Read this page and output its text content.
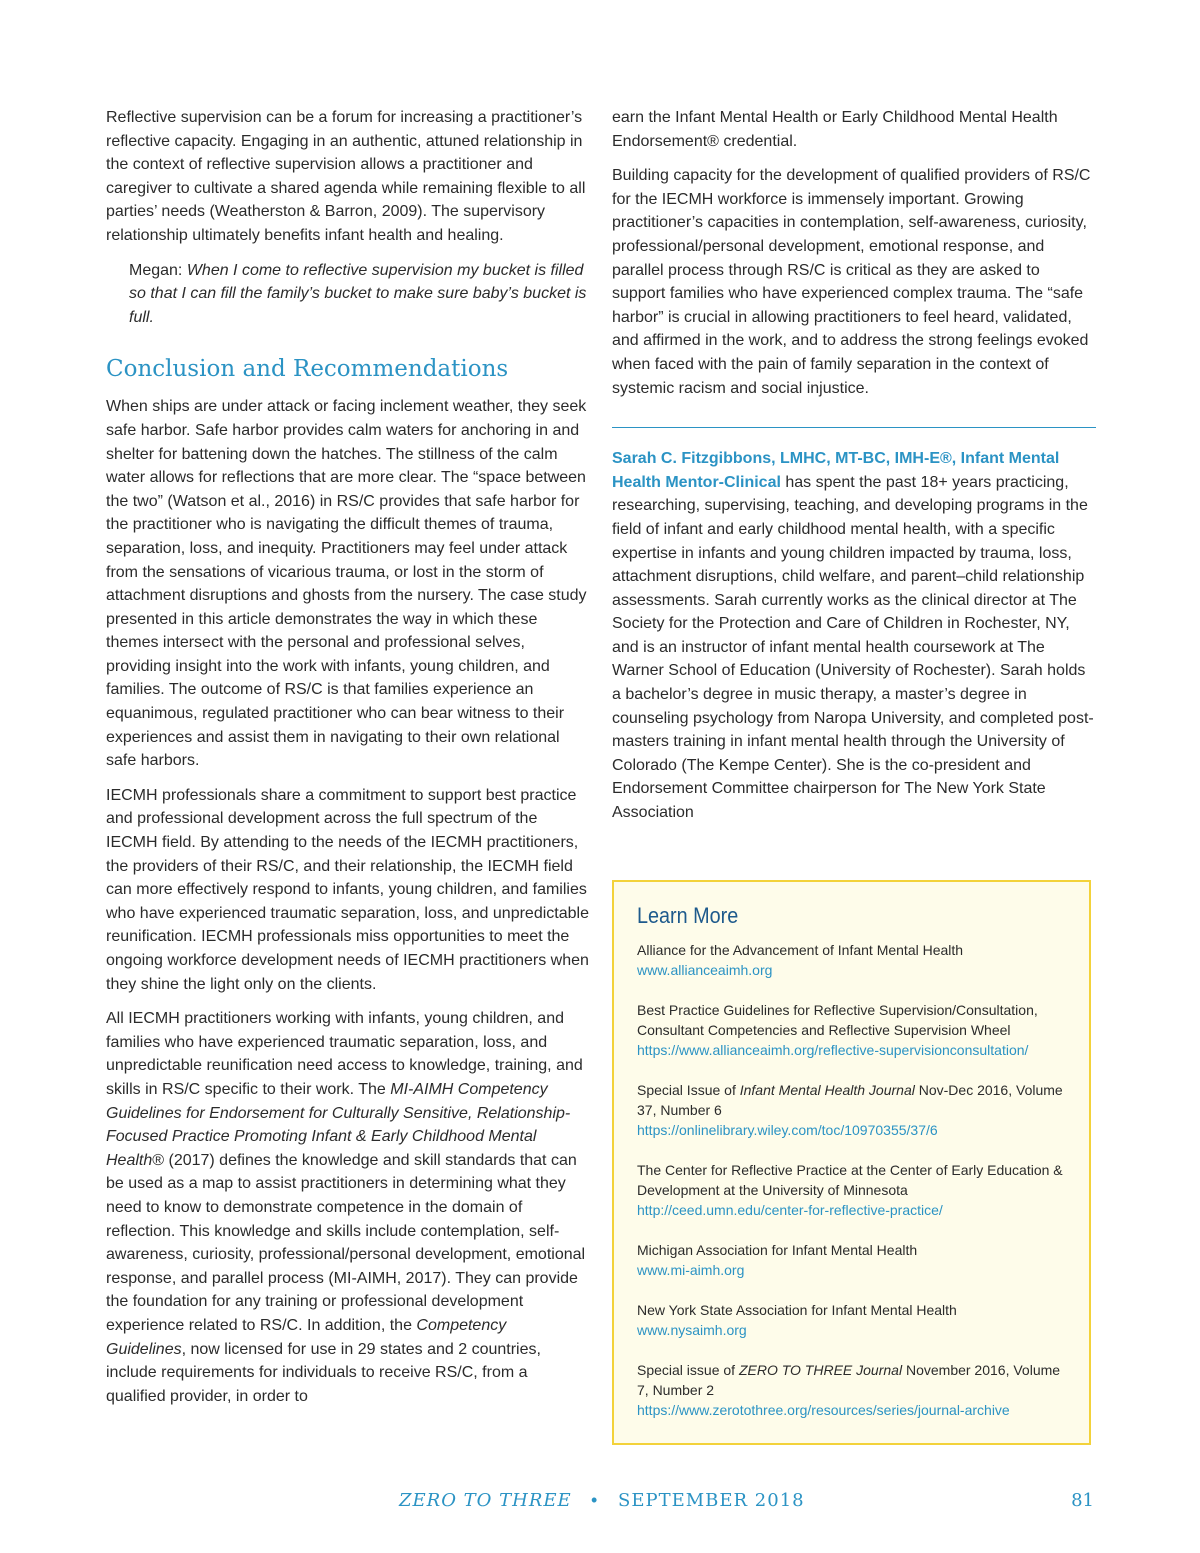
Reflective supervision can be a forum for increasing a practitioner’s reflective capacity. Engaging in an authentic, attuned relationship in the context of reflective supervision allows a practitioner and caregiver to cultivate a shared agenda while remaining flexible to all parties’ needs (Weatherston & Barron, 2009). The supervisory relationship ultimately benefits infant health and healing.

Megan: When I come to reflective supervision my bucket is filled so that I can fill the family’s bucket to make sure baby’s bucket is full.

Conclusion and Recommendations

When ships are under attack or facing inclement weather, they seek safe harbor. Safe harbor provides calm waters for anchoring in and shelter for battening down the hatches. The stillness of the calm water allows for reflections that are more clear. The “space between the two” (Watson et al., 2016) in RS/C provides that safe harbor for the practitioner who is navigating the difficult themes of trauma, separation, loss, and inequity. Practitioners may feel under attack from the sensations of vicarious trauma, or lost in the storm of attachment disruptions and ghosts from the nursery. The case study presented in this article demonstrates the way in which these themes intersect with the personal and professional selves, providing insight into the work with infants, young children, and families. The outcome of RS/C is that families experience an equanimous, regulated practitioner who can bear witness to their experiences and assist them in navigating to their own relational safe harbors.

IECMH professionals share a commitment to support best practice and professional development across the full spectrum of the IECMH field. By attending to the needs of the IECMH practitioners, the providers of their RS/C, and their relationship, the IECMH field can more effectively respond to infants, young children, and families who have experienced traumatic separation, loss, and unpredictable reunification. IECMH professionals miss opportunities to meet the ongoing workforce development needs of IECMH practitioners when they shine the light only on the clients.

All IECMH practitioners working with infants, young children, and families who have experienced traumatic separation, loss, and unpredictable reunification need access to knowledge, training, and skills in RS/C specific to their work. The MI-AIMH Competency Guidelines for Endorsement for Culturally Sensitive, Relationship-Focused Practice Promoting Infant & Early Childhood Mental Health® (2017) defines the knowledge and skill standards that can be used as a map to assist practitioners in determining what they need to know to demonstrate competence in the domain of reflection. This knowledge and skills include contemplation, self-awareness, curiosity, professional/personal development, emotional response, and parallel process (MI-AIMH, 2017). They can provide the foundation for any training or professional development experience related to RS/C. In addition, the Competency Guidelines, now licensed for use in 29 states and 2 countries, include requirements for individuals to receive RS/C, from a qualified provider, in order to

earn the Infant Mental Health or Early Childhood Mental Health Endorsement® credential.

Building capacity for the development of qualified providers of RS/C for the IECMH workforce is immensely important. Growing practitioner’s capacities in contemplation, self-awareness, curiosity, professional/personal development, emotional response, and parallel process through RS/C is critical as they are asked to support families who have experienced complex trauma. The “safe harbor” is crucial in allowing practitioners to feel heard, validated, and affirmed in the work, and to address the strong feelings evoked when faced with the pain of family separation in the context of systemic racism and social injustice.

Sarah C. Fitzgibbons, LMHC, MT-BC, IMH-E®, Infant Mental Health Mentor-Clinical has spent the past 18+ years practicing, researching, supervising, teaching, and developing programs in the field of infant and early childhood mental health, with a specific expertise in infants and young children impacted by trauma, loss, attachment disruptions, child welfare, and parent–child relationship assessments. Sarah currently works as the clinical director at The Society for the Protection and Care of Children in Rochester, NY, and is an instructor of infant mental health coursework at The Warner School of Education (University of Rochester). Sarah holds a bachelor’s degree in music therapy, a master’s degree in counseling psychology from Naropa University, and completed post-masters training in infant mental health through the University of Colorado (The Kempe Center). She is the co-president and Endorsement Committee chairperson for The New York State Association

Learn More
Alliance for the Advancement of Infant Mental Health
www.allianceaimh.org
Best Practice Guidelines for Reflective Supervision/Consultation, Consultant Competencies and Reflective Supervision Wheel
https://www.allianceaimh.org/reflective-supervisionconsultation/
Special Issue of Infant Mental Health Journal Nov-Dec 2016, Volume 37, Number 6
https://onlinelibrary.wiley.com/toc/10970355/37/6
The Center for Reflective Practice at the Center of Early Education & Development at the University of Minnesota
http://ceed.umn.edu/center-for-reflective-practice/
Michigan Association for Infant Mental Health
www.mi-aimh.org
New York State Association for Infant Mental Health
www.nysaimh.org
Special issue of ZERO TO THREE Journal November 2016, Volume 7, Number 2
https://www.zerotothree.org/resources/series/journal-archive
ZERO TO THREE • SEPTEMBER 2018	81
